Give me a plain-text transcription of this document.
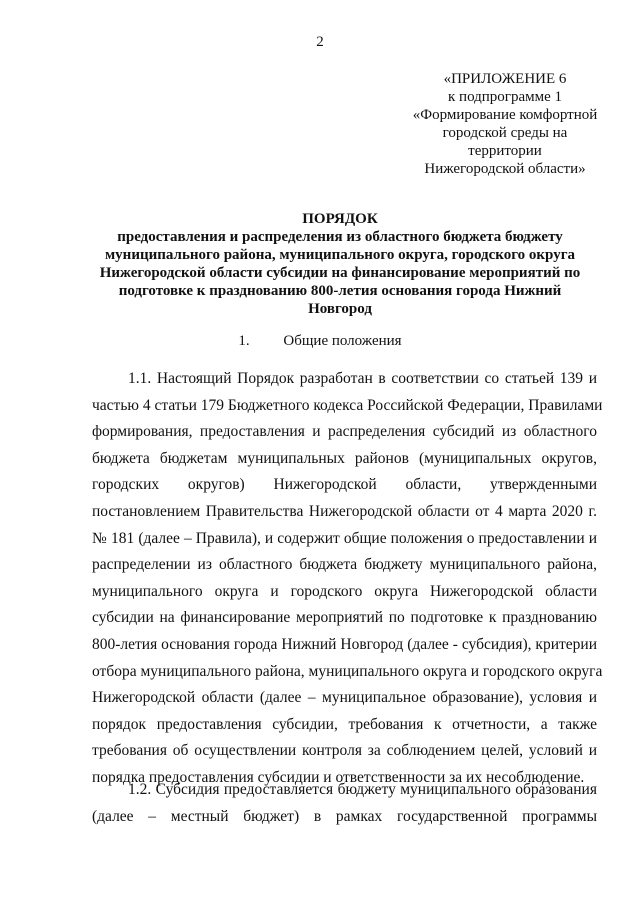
2
«ПРИЛОЖЕНИЕ 6
к подпрограмме 1
«Формирование комфортной
городской среды на
территории
Нижегородской области»
ПОРЯДОК
предоставления и распределения из областного бюджета бюджету
муниципального района, муниципального округа, городского округа
Нижегородской области субсидии на финансирование мероприятий по
подготовке к празднованию 800-летия основания города Нижний
Новгород
1. Общие положения
1.1. Настоящий Порядок разработан в соответствии со статьей 139 и
частью 4 статьи 179 Бюджетного кодекса Российской Федерации, Правилами
формирования, предоставления и распределения субсидий из областного
бюджета бюджетам муниципальных районов (муниципальных округов,
городских округов) Нижегородской области, утвержденными
постановлением Правительства Нижегородской области от 4 марта 2020 г.
№ 181 (далее – Правила), и содержит общие положения о предоставлении и
распределении из областного бюджета бюджету муниципального района,
муниципального округа и городского округа Нижегородской области
субсидии на финансирование мероприятий по подготовке к празднованию
800-летия основания города Нижний Новгород (далее - субсидия), критерии
отбора муниципального района, муниципального округа и городского округа
Нижегородской области (далее – муниципальное образование), условия и
порядок предоставления субсидии, требования к отчетности, а также
требования об осуществлении контроля за соблюдением целей, условий и
порядка предоставления субсидии и ответственности за их несоблюдение.
1.2. Субсидия предоставляется бюджету муниципального образования
(далее – местный бюджет) в рамках государственной программы
